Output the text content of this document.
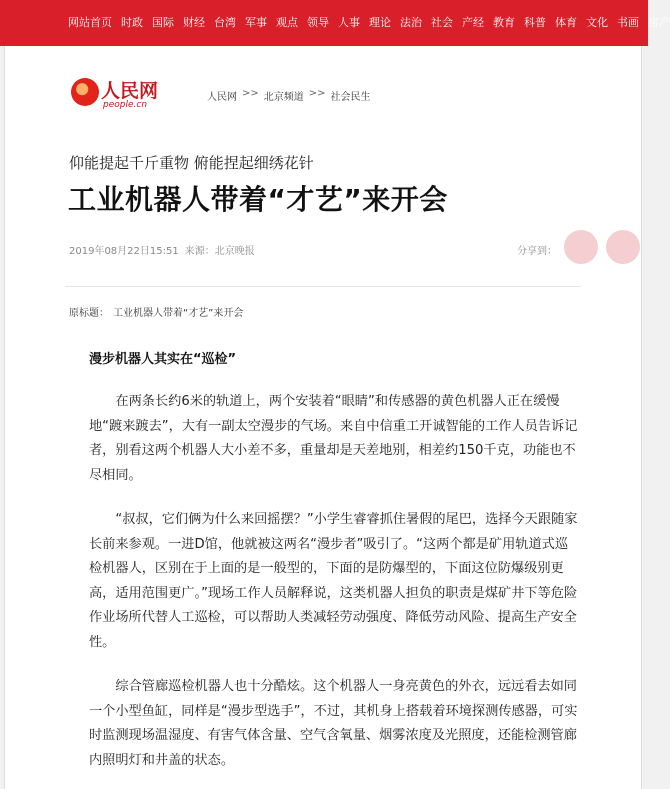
网站首页 时政 国际 财经 台湾 军事 观点 领导 人事 理论 法治 社会 产经 教育 科普 体育 文化 书画 房产
人民网
people.cn
人民网 >> 北京频道 >> 社会民生
仰能提起千斤重物 俯能捏起细绣花针
工业机器人带着“才艺”来开会
2019年08月22日15:51 来源：北京晚报	分享到：
原标题： 工业机器人带着“才艺”来开会
漫步机器人其实在“巡检”

在两条长约6米的轨道上，两个安装着“眼睛”和传感器的黄色机器人正在缓慢地“踱来踱去”，大有一副太空漫步的气场。来自中信重工开诚智能的工作人员告诉记者，别看这两个机器人大小差不多，重量却是天差地别，相差约150千克，功能也不尽相同。

“叔叔，它们俩为什么来回摇摆？”小学生睿睿抓住暑假的尾巴，选择今天跟随家长前来参观。一进D馆，他就被这两名“漫步者”吸引了。“这两个都是矿用轨道式巡检机器人，区别在于上面的是一般型的，下面的是防爆型的，下面这位防爆级别更高，适用范围更广。”现场工作人员解释说，这类机器人担负的职责是煤矿井下等危险作业场所代替人工巡检，可以帮助人类减轻劳动强度、降低劳动风险、提高生产安全性。

综合管廊巡检机器人也十分酷炫。这个机器人一身亮黄色的外衣，远远看去如同一个小型鱼缸，同样是“漫步型选手”，不过，其机身上搭载着环境探测传感器，可实时监测现场温湿度、有害气体含量、空气含氧量、烟雾浓度及光照度，还能检测管廊内照明灯和井盖的状态。
